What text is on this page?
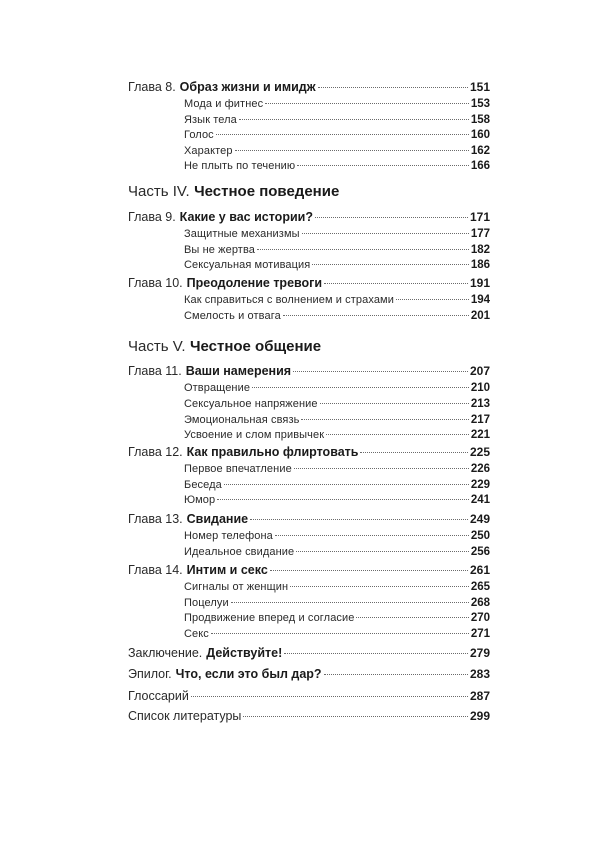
Глава 8. Образ жизни и имидж	151
Мода и фитнес	153
Язык тела	158
Голос	160
Характер	162
Не плыть по течению	166
Часть IV. Честное поведение
Глава 9. Какие у вас истории?	171
Защитные механизмы	177
Вы не жертва	182
Сексуальная мотивация	186
Глава 10. Преодоление тревоги	191
Как справиться с волнением и страхами	194
Смелость и отвага	201
Часть V. Честное общение
Глава 11. Ваши намерения	207
Отвращение	210
Сексуальное напряжение	213
Эмоциональная связь	217
Усвоение и слом привычек	221
Глава 12. Как правильно флиртовать	225
Первое впечатление	226
Беседа	229
Юмор	241
Глава 13. Свидание	249
Номер телефона	250
Идеальное свидание	256
Глава 14. Интим и секс	261
Сигналы от женщин	265
Поцелуи	268
Продвижение вперед и согласие	270
Секс	271
Заключение. Действуйте!	279
Эпилог. Что, если это был дар?	283
Глоссарий	287
Список литературы	299
